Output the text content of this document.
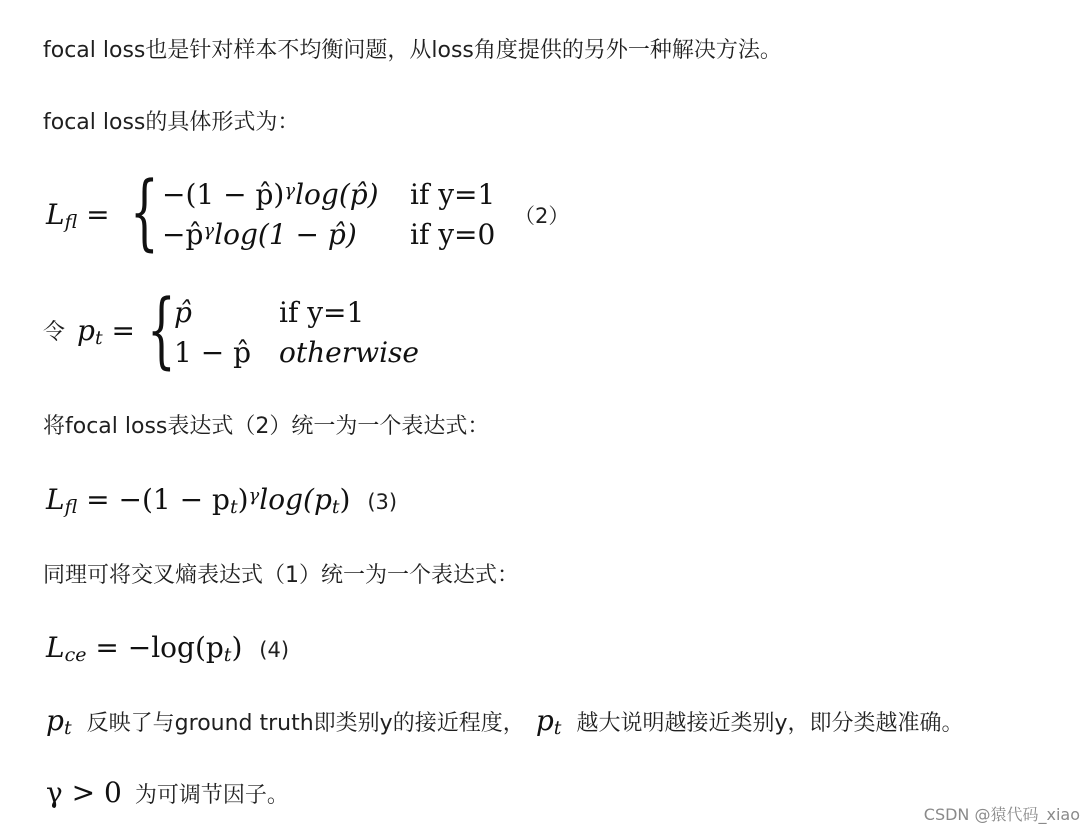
focal loss也是针对样本不均衡问题，从loss角度提供的另外一种解决方法。
focal loss的具体形式为：
$L_{fl}$ = { −(1 − p̂)$^\gamma$log(p̂) if y=1
−p̂$^\gamma$log(1 − p̂) if y=0
（2）
令 $p_t$ = {
p̂	if y=1
1 − p̂ otherwise
将focal loss表达式（2）统一为一个表达式：
$L_{fl} = -(1 - p_t)^\gamma\log(p_t)$ (3)
同理可将交叉熵表达式（1）统一为一个表达式：
$L_{ce} = -\log(p_t)$ (4)
$p_t$ 反映了与ground truth即类别y的接近程度， $p_t$ 越大说明越接近类别y，即分类越准确。
γ > 0 为可调节因子。
CSDN @猿代码_xiao
